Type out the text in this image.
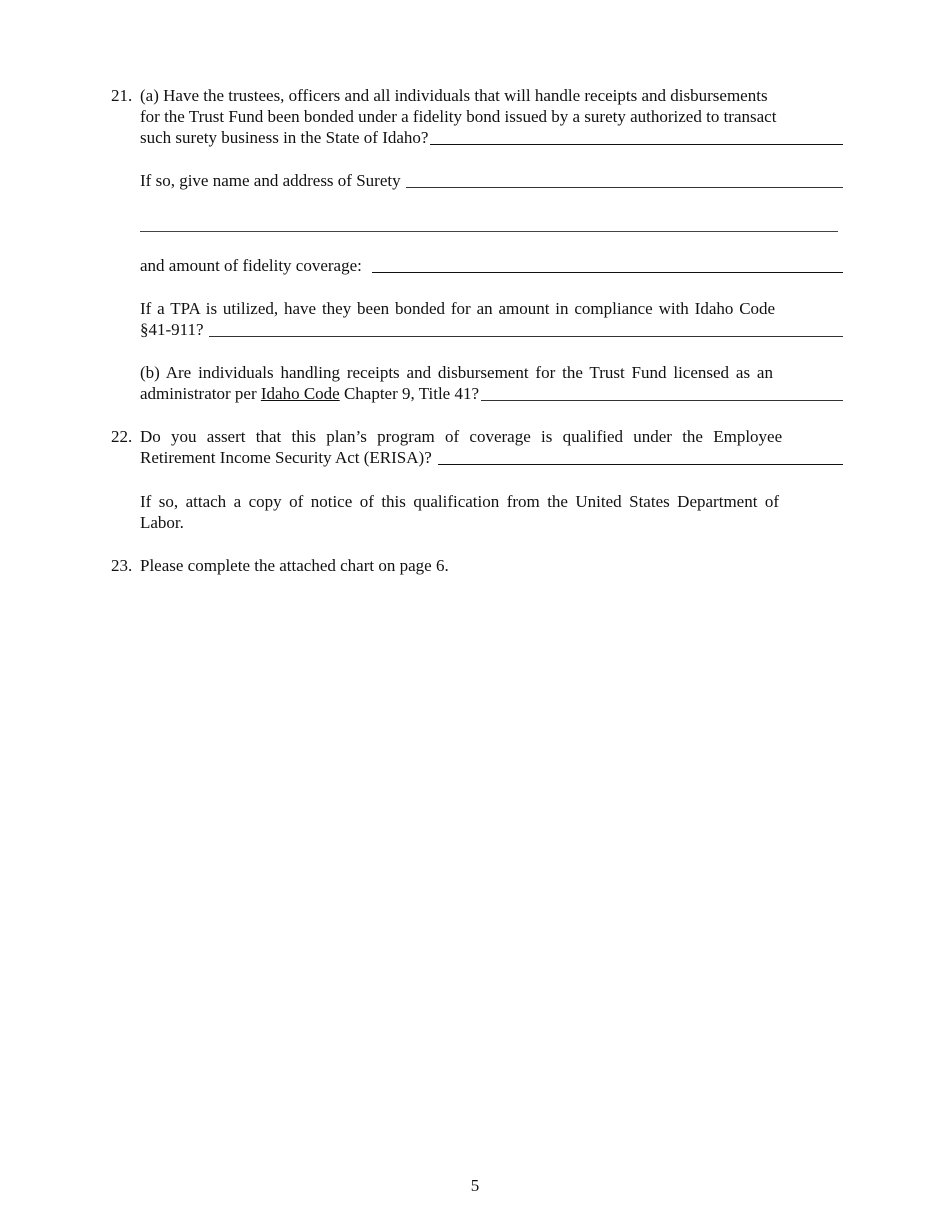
21. (a) Have the trustees, officers and all individuals that will handle receipts and disbursements
for the Trust Fund been bonded under a fidelity bond issued by a surety authorized to transact
such surety business in the State of Idaho?
If so, give name and address of Surety
and amount of fidelity coverage:
If a TPA is utilized, have they been bonded for an amount in compliance with Idaho Code
§41-911?
(b) Are individuals handling receipts and disbursement for the Trust Fund licensed as an
administrator per
Idaho Code
Chapter 9, Title 41?
22. Do you assert that this plan’s program of coverage is qualified under the Employee
Retirement Income Security Act (ERISA)?
If so, attach a copy of notice of this qualification from the United States Department of
Labor.
23. Please complete the attached chart on page 6.
5
